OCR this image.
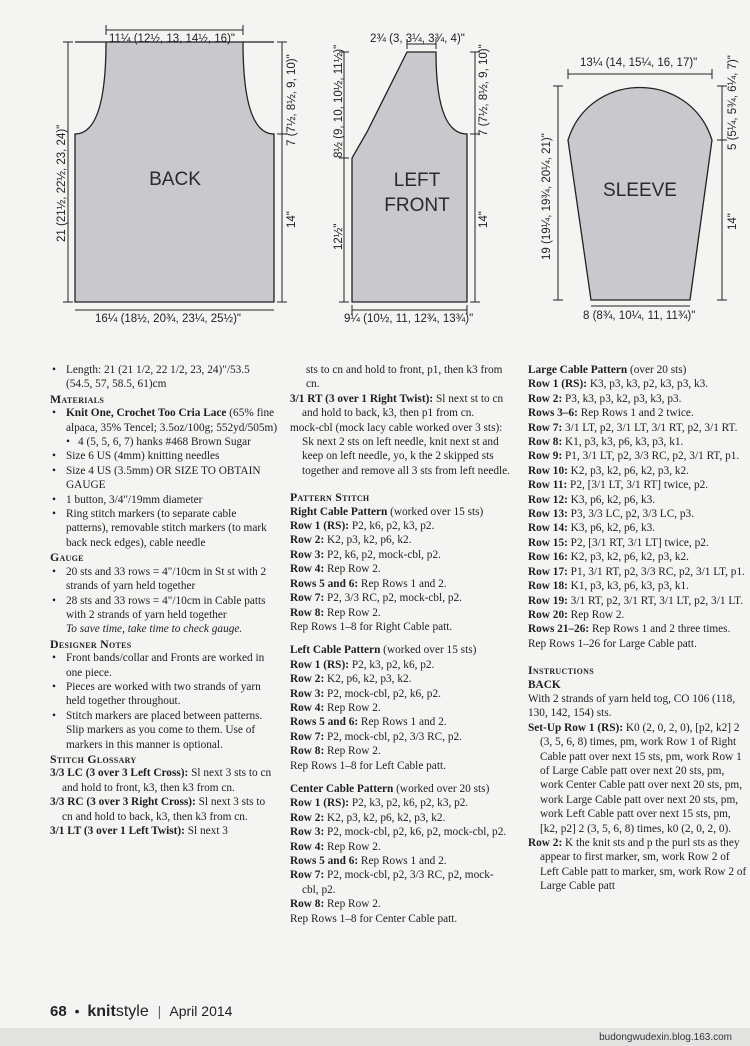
11¼ (12½, 13, 14½, 16)"
16¼ (18½, 20¾, 23¼, 25½)"
21 (21½, 22½, 23, 24)"
7 (7½, 8½, 9, 10)"
14"
BACK
2¾ (3, 3¼, 3¾, 4)"
9¼ (10½, 11, 12¾, 13¾)"
8½ (9, 10, 10½, 11½)"
12½"
7 (7½, 8½, 9, 10)"
14"
LEFT
FRONT
13¼ (14, 15¼, 16, 17)"
8 (8¾, 10¼, 11, 11¾)"
19 (19¼, 19¾, 20¼, 21)"
5 (5¼, 5¾, 6¼, 7)"
14"
SLEEVE

• Length: 21 (21 1/2, 22 1/2, 23, 24)"/53.5 (54.5, 57, 58.5, 61)cm

Materials

• Knit One, Crochet Too Cria Lace (65% fine alpaca, 35% Tencel; 3.5oz/100g; 552yd/505m)

• 4 (5, 5, 6, 7) hanks #468 Brown Sugar

• Size 6 US (4mm) knitting needles

• Size 4 US (3.5mm) OR SIZE TO OBTAIN GAUGE

• 1 button, 3/4"/19mm diameter

• Ring stitch markers (to separate cable patterns), removable stitch markers (to mark back neck edges), cable needle

Gauge

• 20 sts and 33 rows = 4"/10cm in St st with 2 strands of yarn held together

• 28 sts and 33 rows = 4"/10cm in Cable patts with 2 strands of yarn held together

To save time, take time to check gauge.

Designer Notes

• Front bands/collar and Fronts are worked in one piece.

• Pieces are worked with two strands of yarn held together throughout.

• Stitch markers are placed between patterns. Slip markers as you come to them. Use of markers in this manner is optional.

Stitch Glossary

3/3 LC (3 over 3 Left Cross): Sl next 3 sts to cn and hold to front, k3, then k3 from cn.

3/3 RC (3 over 3 Right Cross): Sl next 3 sts to cn and hold to back, k3, then k3 from cn.

3/1 LT (3 over 1 Left Twist): Sl next 3

sts to cn and hold to front, p1, then k3 from cn.

3/1 RT (3 over 1 Right Twist): Sl next st to cn and hold to back, k3, then p1 from cn.

mock-cbl (mock lacy cable worked over 3 sts): Sk next 2 sts on left needle, knit next st and keep on left needle, yo, k the 2 skipped sts together and remove all 3 sts from left needle.

Pattern Stitch

Right Cable Pattern (worked over 15 sts)

Row 1 (RS): P2, k6, p2, k3, p2.

Row 2: K2, p3, k2, p6, k2.

Row 3: P2, k6, p2, mock-cbl, p2.

Row 4: Rep Row 2.

Rows 5 and 6: Rep Rows 1 and 2.

Row 7: P2, 3/3 RC, p2, mock-cbl, p2.

Row 8: Rep Row 2.

Rep Rows 1–8 for Right Cable patt.

Left Cable Pattern (worked over 15 sts)

Row 1 (RS): P2, k3, p2, k6, p2.

Row 2: K2, p6, k2, p3, k2.

Row 3: P2, mock-cbl, p2, k6, p2.

Row 4: Rep Row 2.

Rows 5 and 6: Rep Rows 1 and 2.

Row 7: P2, mock-cbl, p2, 3/3 RC, p2.

Row 8: Rep Row 2.

Rep Rows 1–8 for Left Cable patt.

Center Cable Pattern (worked over 20 sts)

Row 1 (RS): P2, k3, p2, k6, p2, k3, p2.

Row 2: K2, p3, k2, p6, k2, p3, k2.

Row 3: P2, mock-cbl, p2, k6, p2, mock-cbl, p2.

Row 4: Rep Row 2.

Rows 5 and 6: Rep Rows 1 and 2.

Row 7: P2, mock-cbl, p2, 3/3 RC, p2, mock-cbl, p2.

Row 8: Rep Row 2.

Rep Rows 1–8 for Center Cable patt.

Large Cable Pattern (over 20 sts)

Row 1 (RS): K3, p3, k3, p2, k3, p3, k3.

Row 2: P3, k3, p3, k2, p3, k3, p3.

Rows 3–6: Rep Rows 1 and 2 twice.

Row 7: 3/1 LT, p2, 3/1 LT, 3/1 RT, p2, 3/1 RT.

Row 8: K1, p3, k3, p6, k3, p3, k1.

Row 9: P1, 3/1 LT, p2, 3/3 RC, p2, 3/1 RT, p1.

Row 10: K2, p3, k2, p6, k2, p3, k2.

Row 11: P2, [3/1 LT, 3/1 RT] twice, p2.

Row 12: K3, p6, k2, p6, k3.

Row 13: P3, 3/3 LC, p2, 3/3 LC, p3.

Row 14: K3, p6, k2, p6, k3.

Row 15: P2, [3/1 RT, 3/1 LT] twice, p2.

Row 16: K2, p3, k2, p6, k2, p3, k2.

Row 17: P1, 3/1 RT, p2, 3/3 RC, p2, 3/1 LT, p1.

Row 18: K1, p3, k3, p6, k3, p3, k1.

Row 19: 3/1 RT, p2, 3/1 RT, 3/1 LT, p2, 3/1 LT.

Row 20: Rep Row 2.

Rows 21–26: Rep Rows 1 and 2 three times.

Rep Rows 1–26 for Large Cable patt.

Instructions

BACK

With 2 strands of yarn held tog, CO 106 (118, 130, 142, 154) sts.

Set-Up Row 1 (RS): K0 (2, 0, 2, 0), [p2, k2] 2 (3, 5, 6, 8) times, pm, work Row 1 of Right Cable patt over next 15 sts, pm, work Row 1 of Large Cable patt over next 20 sts, pm, work Center Cable patt over next 20 sts, pm, work Large Cable patt over next 20 sts, pm, work Left Cable patt over next 15 sts, pm, [k2, p2] 2 (3, 5, 6, 8) times, k0 (2, 0, 2, 0).

Row 2: K the knit sts and p the purl sts as they appear to first marker, sm, work Row 2 of Left Cable patt to marker, sm, work Row 2 of Large Cable patt

68 • knitstyle | April 2014
budongwudexin.blog.163.com
